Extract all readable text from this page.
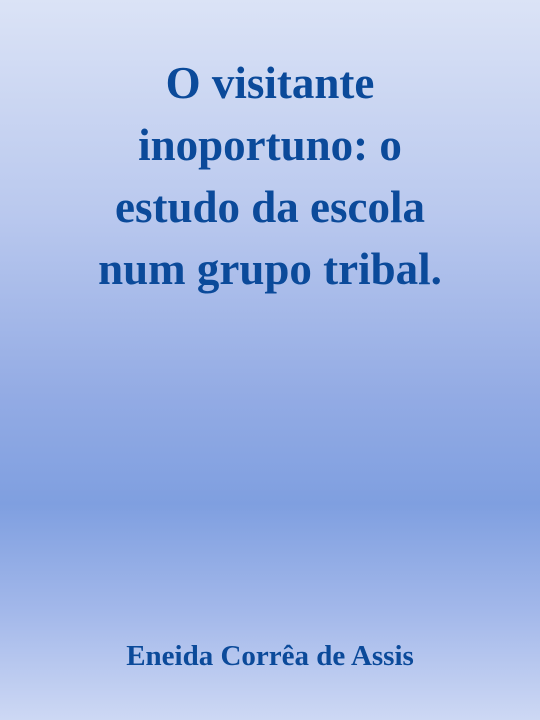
O visitante
inoportuno: o
estudo da escola
num grupo tribal.
Eneida Corrêa de Assis
